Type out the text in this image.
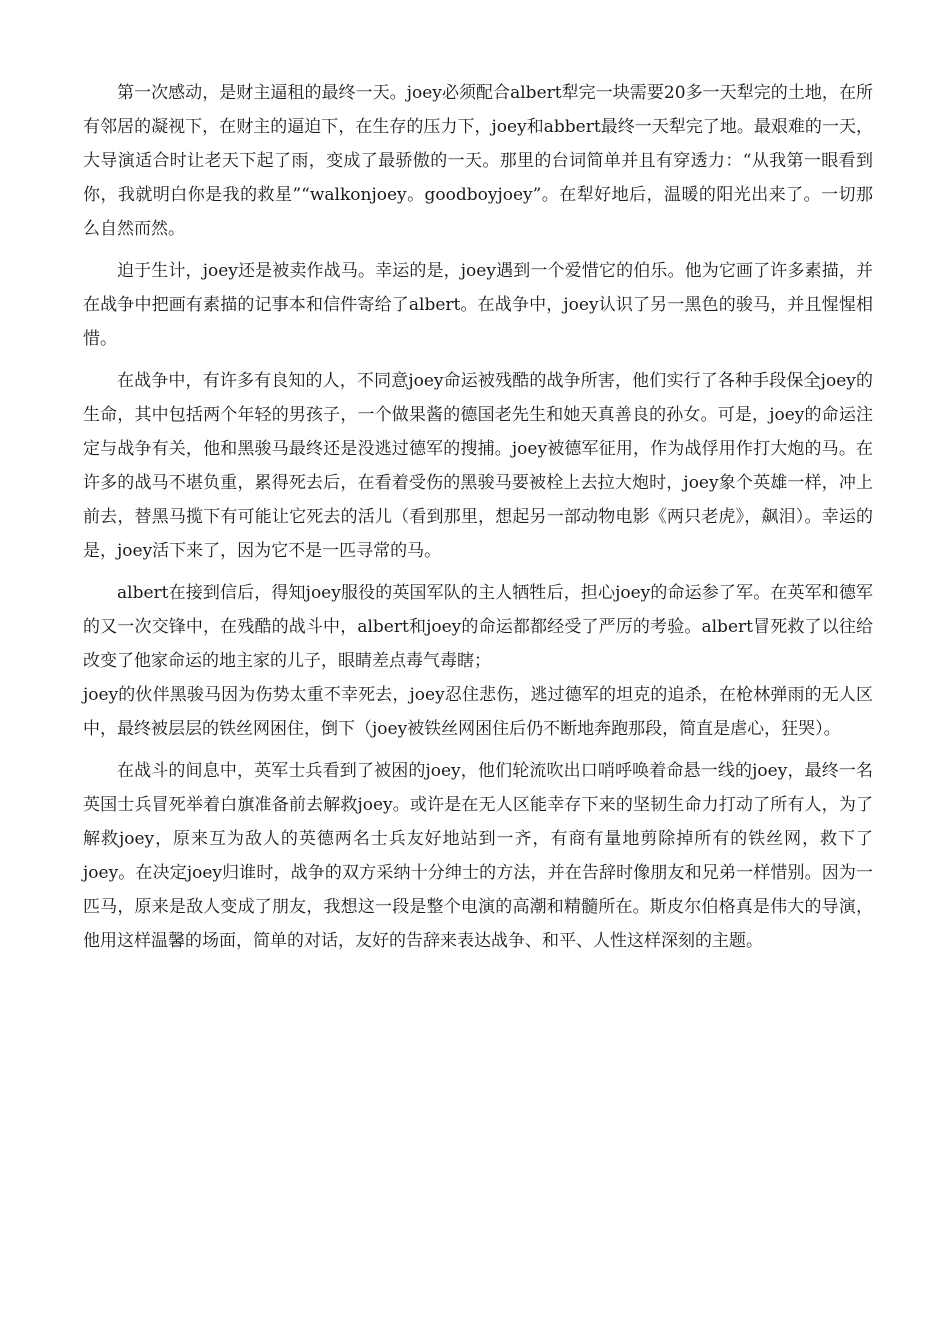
第一次感动，是财主逼租的最终一天。joey必须配合albert犁完一块需要20多一天犁完的土地，在所有邻居的凝视下，在财主的逼迫下，在生存的压力下，joey和abbert最终一天犁完了地。最艰难的一天，大导演适合时让老天下起了雨，变成了最骄傲的一天。那里的台词简单并且有穿透力：“从我第一眼看到你，我就明白你是我的救星”“walkonjoey。goodboyjoey”。在犁好地后，温暖的阳光出来了。一切那么自然而然。

迫于生计，joey还是被卖作战马。幸运的是，joey遇到一个爱惜它的伯乐。他为它画了许多素描，并在战争中把画有素描的记事本和信件寄给了albert。在战争中，joey认识了另一黑色的骏马，并且惺惺相惜。

在战争中，有许多有良知的人，不同意joey命运被残酷的战争所害，他们实行了各种手段保全joey的生命，其中包括两个年轻的男孩子，一个做果酱的德国老先生和她天真善良的孙女。可是，joey的命运注定与战争有关，他和黑骏马最终还是没逃过德军的搜捕。joey被德军征用，作为战俘用作打大炮的马。在许多的战马不堪负重，累得死去后，在看着受伤的黑骏马要被栓上去拉大炮时，joey象个英雄一样，冲上前去，替黑马揽下有可能让它死去的活儿（看到那里，想起另一部动物电影《两只老虎》，飙泪）。幸运的是，joey活下来了，因为它不是一匹寻常的马。

albert在接到信后，得知joey服役的英国军队的主人牺牲后，担心joey的命运参了军。在英军和德军的又一次交锋中，在残酷的战斗中，albert和joey的命运都都经受了严厉的考验。albert冒死救了以往给改变了他家命运的地主家的儿子，眼睛差点毒气毒瞎；

joey的伙伴黑骏马因为伤势太重不幸死去，joey忍住悲伤，逃过德军的坦克的追杀，在枪林弹雨的无人区中，最终被层层的铁丝网困住，倒下（joey被铁丝网困住后仍不断地奔跑那段，简直是虐心，狂哭）。

在战斗的间息中，英军士兵看到了被困的joey，他们轮流吹出口哨呼唤着命悬一线的joey，最终一名英国士兵冒死举着白旗准备前去解救joey。或许是在无人区能幸存下来的坚韧生命力打动了所有人，为了解救joey，原来互为敌人的英德两名士兵友好地站到一齐，有商有量地剪除掉所有的铁丝网，救下了joey。在决定joey归谁时，战争的双方采纳十分绅士的方法，并在告辞时像朋友和兄弟一样惜别。因为一匹马，原来是敌人变成了朋友，我想这一段是整个电演的高潮和精髓所在。斯皮尔伯格真是伟大的导演，他用这样温馨的场面，简单的对话，友好的告辞来表达战争、和平、人性这样深刻的主题。
